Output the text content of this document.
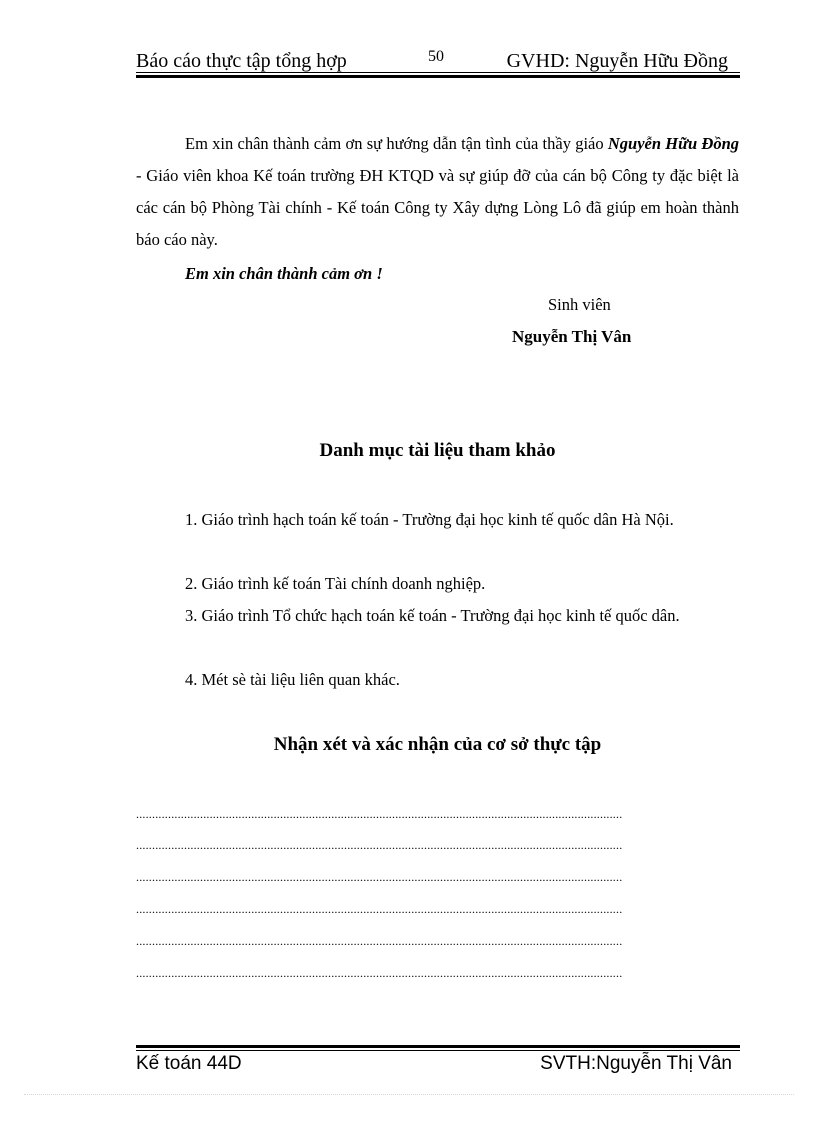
Báo cáo thực tập tổng hợp	50	GVHD: Nguyễn Hữu Đồng

Em xin chân thành cảm ơn sự hướng dẫn tận tình của thầy giáo Nguyễn Hữu Đồng - Giáo viên khoa Kế toán trường ĐH KTQD và sự giúp đỡ của cán bộ Công ty đặc biệt là các cán bộ Phòng Tài chính - Kế toán Công ty Xây dựng Lòng Lô đã giúp em hoàn thành báo cáo này.

Em xin chân thành cảm ơn !

Sinh viên
Nguyễn Thị Vân
Danh mục tài liệu tham khảo

1. Giáo trình hạch toán kế toán - Trường đại học kinh tế quốc dân Hà Nội.

2. Giáo trình kế toán Tài chính doanh nghiệp.

3. Giáo trình Tổ chức hạch toán kế toán - Trường đại học kinh tế quốc dân.

4. Mét sè tài liệu liên quan khác.

Nhận xét và xác nhận của cơ sở thực tập
........................................................................................................................................................
........................................................................................................................................................
........................................................................................................................................................
........................................................................................................................................................
........................................................................................................................................................
........................................................................................................................................................
Kế toán 44D	SVTH:Nguyễn Thị Vân
